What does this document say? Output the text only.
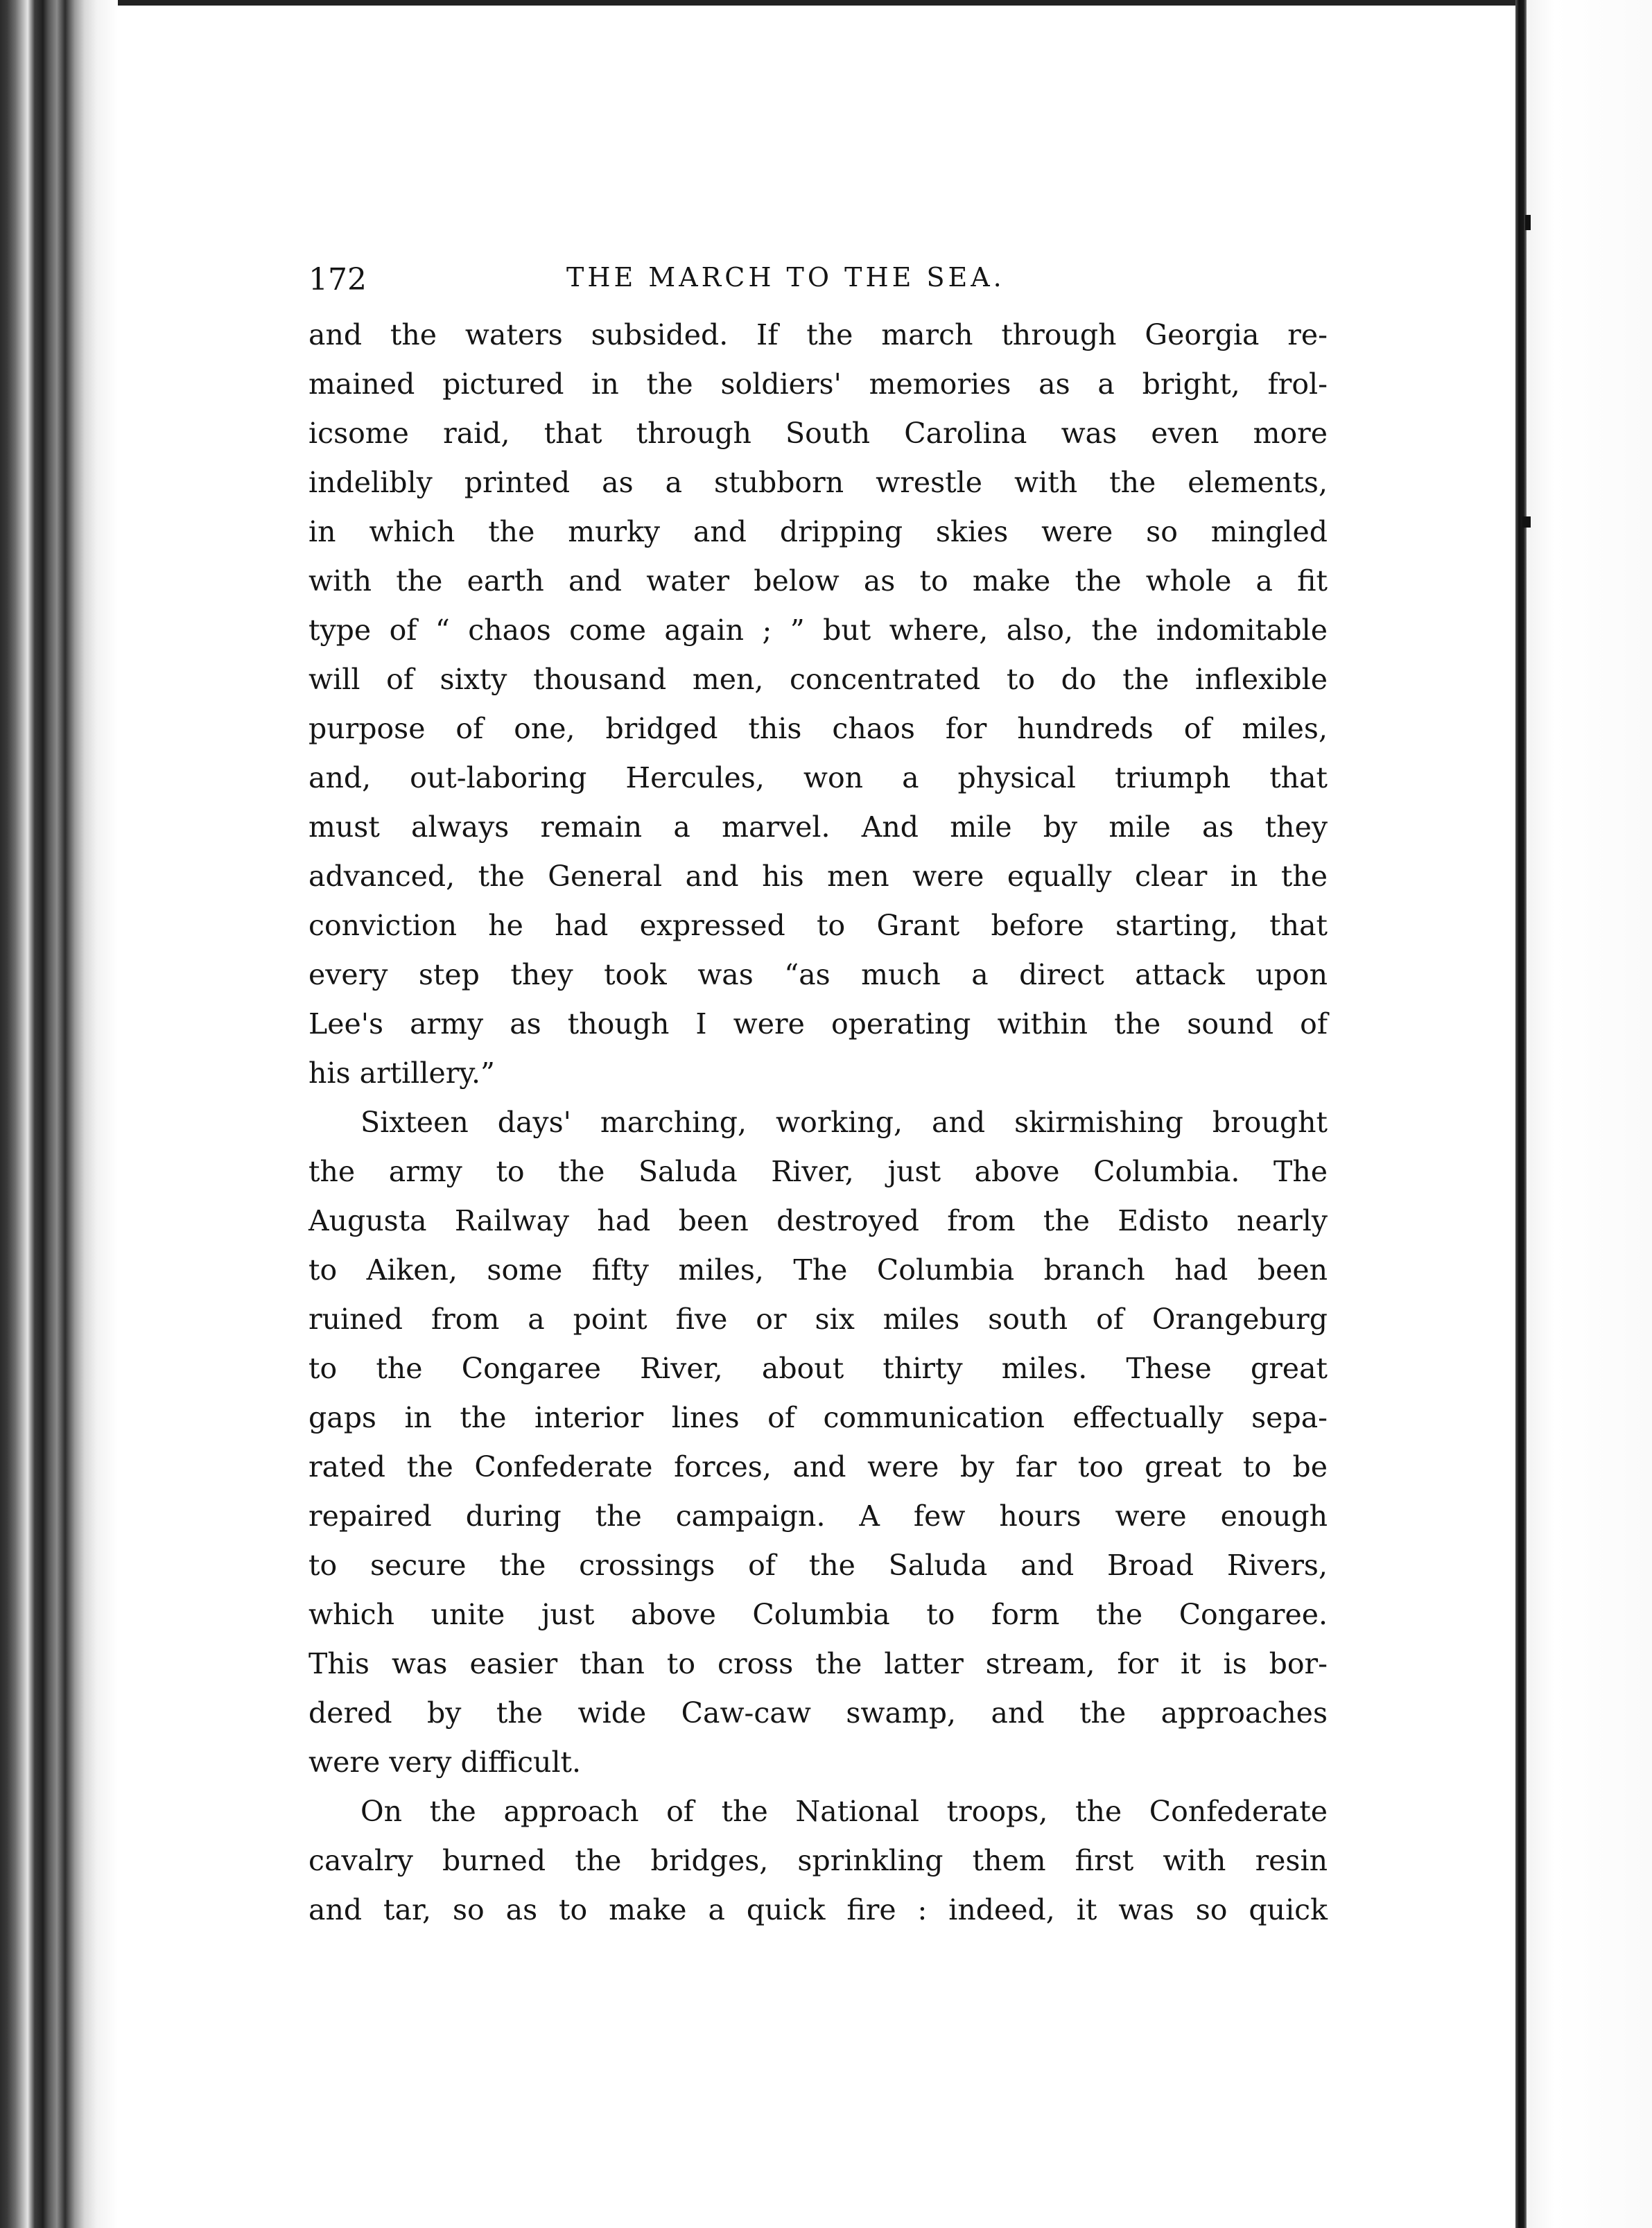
172	THE MARCH TO THE SEA.
and the waters subsided. If the march through Georgia re-
mained pictured in the soldiers' memories as a bright, frol-
icsome raid, that through South Carolina was even more
indelibly printed as a stubborn wrestle with the elements,
in which the murky and dripping skies were so mingled
with the earth and water below as to make the whole a fit
type of “ chaos come again ; ” but where, also, the indomitable
will of sixty thousand men, concentrated to do the inflexible
purpose of one, bridged this chaos for hundreds of miles,
and, out-laboring Hercules, won a physical triumph that
must always remain a marvel. And mile by mile as they
advanced, the General and his men were equally clear in the
conviction he had expressed to Grant before starting, that
every step they took was “as much a direct attack upon
Lee's army as though I were operating within the sound of
his artillery.”
Sixteen days' marching, working, and skirmishing brought
the army to the Saluda River, just above Columbia. The
Augusta Railway had been destroyed from the Edisto nearly
to Aiken, some fifty miles, The Columbia branch had been
ruined from a point five or six miles south of Orangeburg
to the Congaree River, about thirty miles. These great
gaps in the interior lines of communication effectually sepa-
rated the Confederate forces, and were by far too great to be
repaired during the campaign. A few hours were enough
to secure the crossings of the Saluda and Broad Rivers,
which unite just above Columbia to form the Congaree.
This was easier than to cross the latter stream, for it is bor-
dered by the wide Caw-caw swamp, and the approaches
were very difficult.
On the approach of the National troops, the Confederate
cavalry burned the bridges, sprinkling them first with resin
and tar, so as to make a quick fire : indeed, it was so quick
